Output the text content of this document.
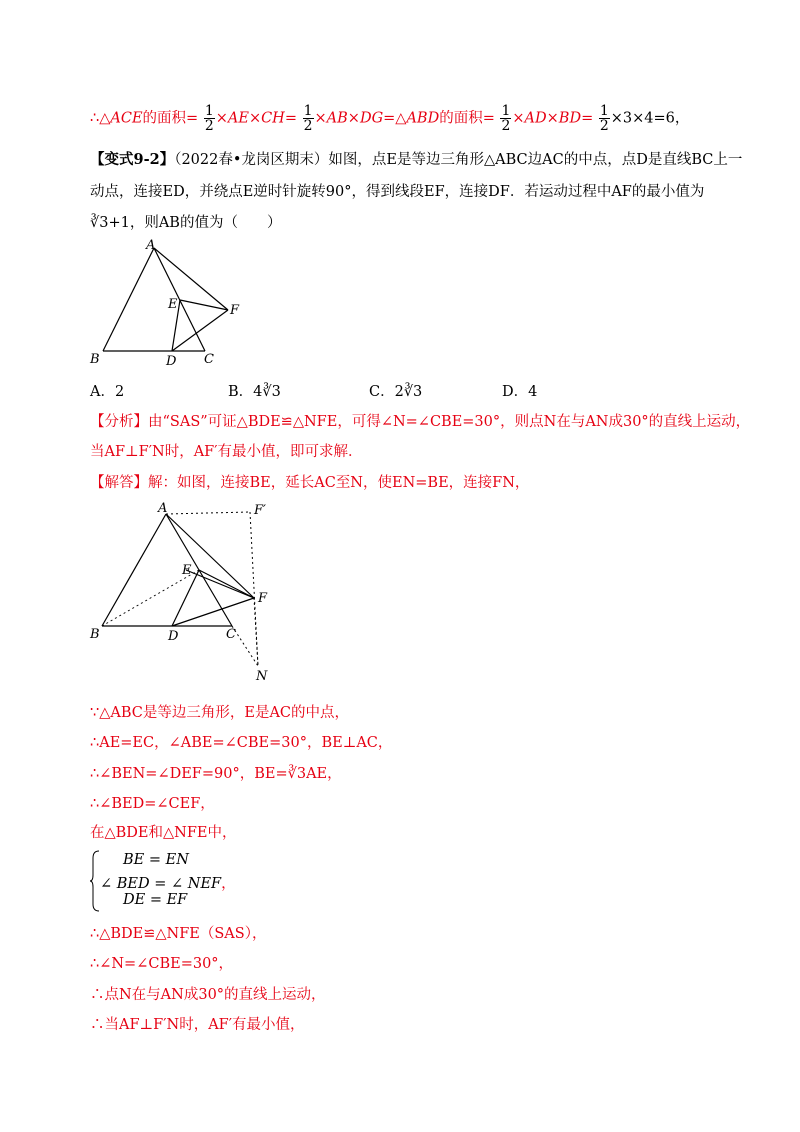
∴△ACE的面积= $\frac{1}{2} \times AE\times CH= \frac{1}{2}$ ×AB×DG=△ABD的面积= $\frac{1}{2} \times AD\times BD= \frac{1}{2} \times 3\times 4=6$，
【变式9-2】（2022春•龙岗区期末）如图，点E是等边三角形△ABC边AC的中点，点D是直线BC上一
动点，连接ED，并绕点E逆时针旋转90°，得到线段EF，连接DF．若运动过程中AF的最小值为
∛3+1，则AB的值为（　　）
A
B	C
D
E	F
A．2	B．4∛3	C．2∛3	D．4
【分析】由“SAS”可证△BDE≌△NFE，可得∠N=∠CBE=30°，则点N在与AN成30°的直线上运动，
当AF⊥F′N时，AF′有最小值，即可求解．
【解答】解：如图，连接BE，延长AC至N，使EN=BE，连接FN，
A
B	C
D
E
F
F′
N
∵△ABC是等边三角形，E是AC的中点，
∴AE=EC，∠ABE=∠CBE=30°，BE⊥AC，
∴∠BEN=∠DEF=90°，BE=∛3AE，
∴∠BED=∠CEF，
在△BDE和△NFE中，
BE = EN
∠ BED = ∠ NEF，
DE = EF
∴△BDE≌△NFE（SAS），
∴∠N=∠CBE=30°，
∴点N在与AN成30°的直线上运动，
∴当AF⊥F′N时，AF′有最小值，
